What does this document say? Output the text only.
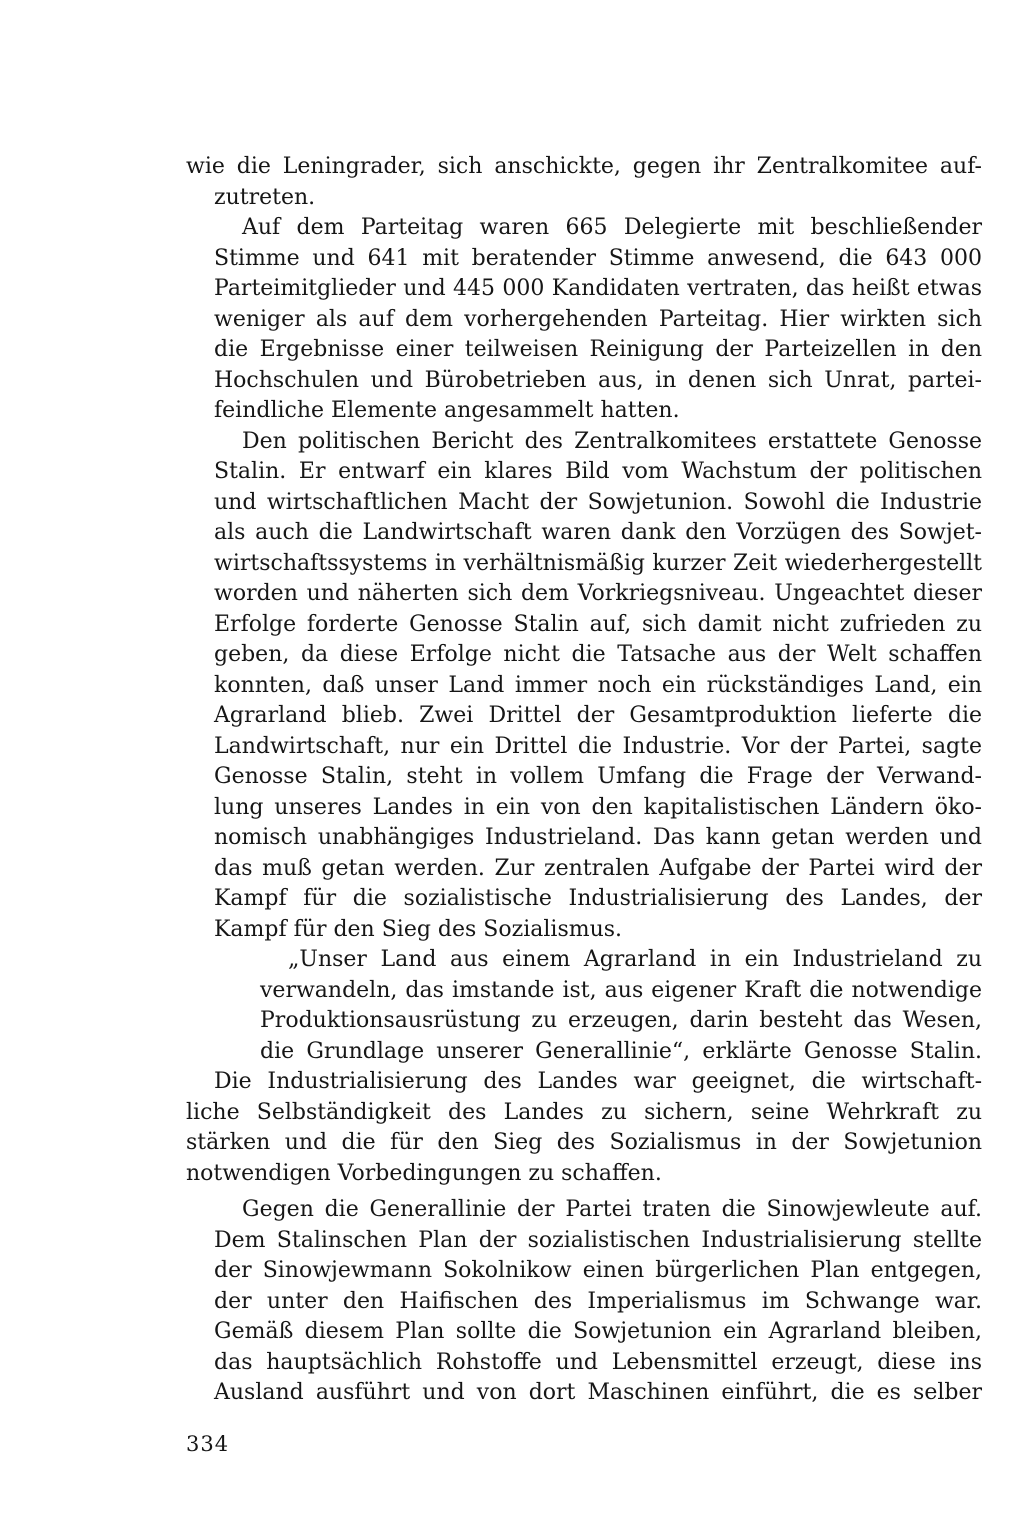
wie die Leningrader, sich anschickte, gegen ihr Zentralkomitee auf-
zutreten.

Auf dem Parteitag waren 665 Delegierte mit beschließender
Stimme und 641 mit beratender Stimme anwesend, die 643 000
Parteimitglieder und 445 000 Kandidaten vertraten, das heißt etwas
weniger als auf dem vorhergehenden Parteitag. Hier wirkten sich
die Ergebnisse einer teilweisen Reinigung der Parteizellen in den
Hochschulen und Bürobetrieben aus, in denen sich Unrat, partei-
feindliche Elemente angesammelt hatten.

Den politischen Bericht des Zentralkomitees erstattete Genosse
Stalin. Er entwarf ein klares Bild vom Wachstum der politischen
und wirtschaftlichen Macht der Sowjetunion. Sowohl die Industrie
als auch die Landwirtschaft waren dank den Vorzügen des Sowjet-
wirtschaftssystems in verhältnismäßig kurzer Zeit wiederhergestellt
worden und näherten sich dem Vorkriegsniveau. Ungeachtet dieser
Erfolge forderte Genosse Stalin auf, sich damit nicht zufrieden zu
geben, da diese Erfolge nicht die Tatsache aus der Welt schaffen
konnten, daß unser Land immer noch ein rückständiges Land, ein
Agrarland blieb. Zwei Drittel der Gesamtproduktion lieferte die
Landwirtschaft, nur ein Drittel die Industrie. Vor der Partei, sagte
Genosse Stalin, steht in vollem Umfang die Frage der Verwand-
lung unseres Landes in ein von den kapitalistischen Ländern öko-
nomisch unabhängiges Industrieland. Das kann getan werden und
das muß getan werden. Zur zentralen Aufgabe der Partei wird der
Kampf für die sozialistische Industrialisierung des Landes, der
Kampf für den Sieg des Sozialismus.

„Unser Land aus einem Agrarland in ein Industrieland zu
verwandeln, das imstande ist, aus eigener Kraft die notwendige
Produktionsausrüstung zu erzeugen, darin besteht das Wesen,
die Grundlage unserer Generallinie“, erklärte Genosse Stalin.

Die Industrialisierung des Landes war geeignet, die wirtschaft-
liche Selbständigkeit des Landes zu sichern, seine Wehrkraft zu
stärken und die für den Sieg des Sozialismus in der Sowjetunion
notwendigen Vorbedingungen zu schaffen.

Gegen die Generallinie der Partei traten die Sinowjewleute auf.
Dem Stalinschen Plan der sozialistischen Industrialisierung stellte
der Sinowjewmann Sokolnikow einen bürgerlichen Plan entgegen,
der unter den Haifischen des Imperialismus im Schwange war.
Gemäß diesem Plan sollte die Sowjetunion ein Agrarland bleiben,
das hauptsächlich Rohstoffe und Lebensmittel erzeugt, diese ins
Ausland ausführt und von dort Maschinen einführt, die es selber

334
